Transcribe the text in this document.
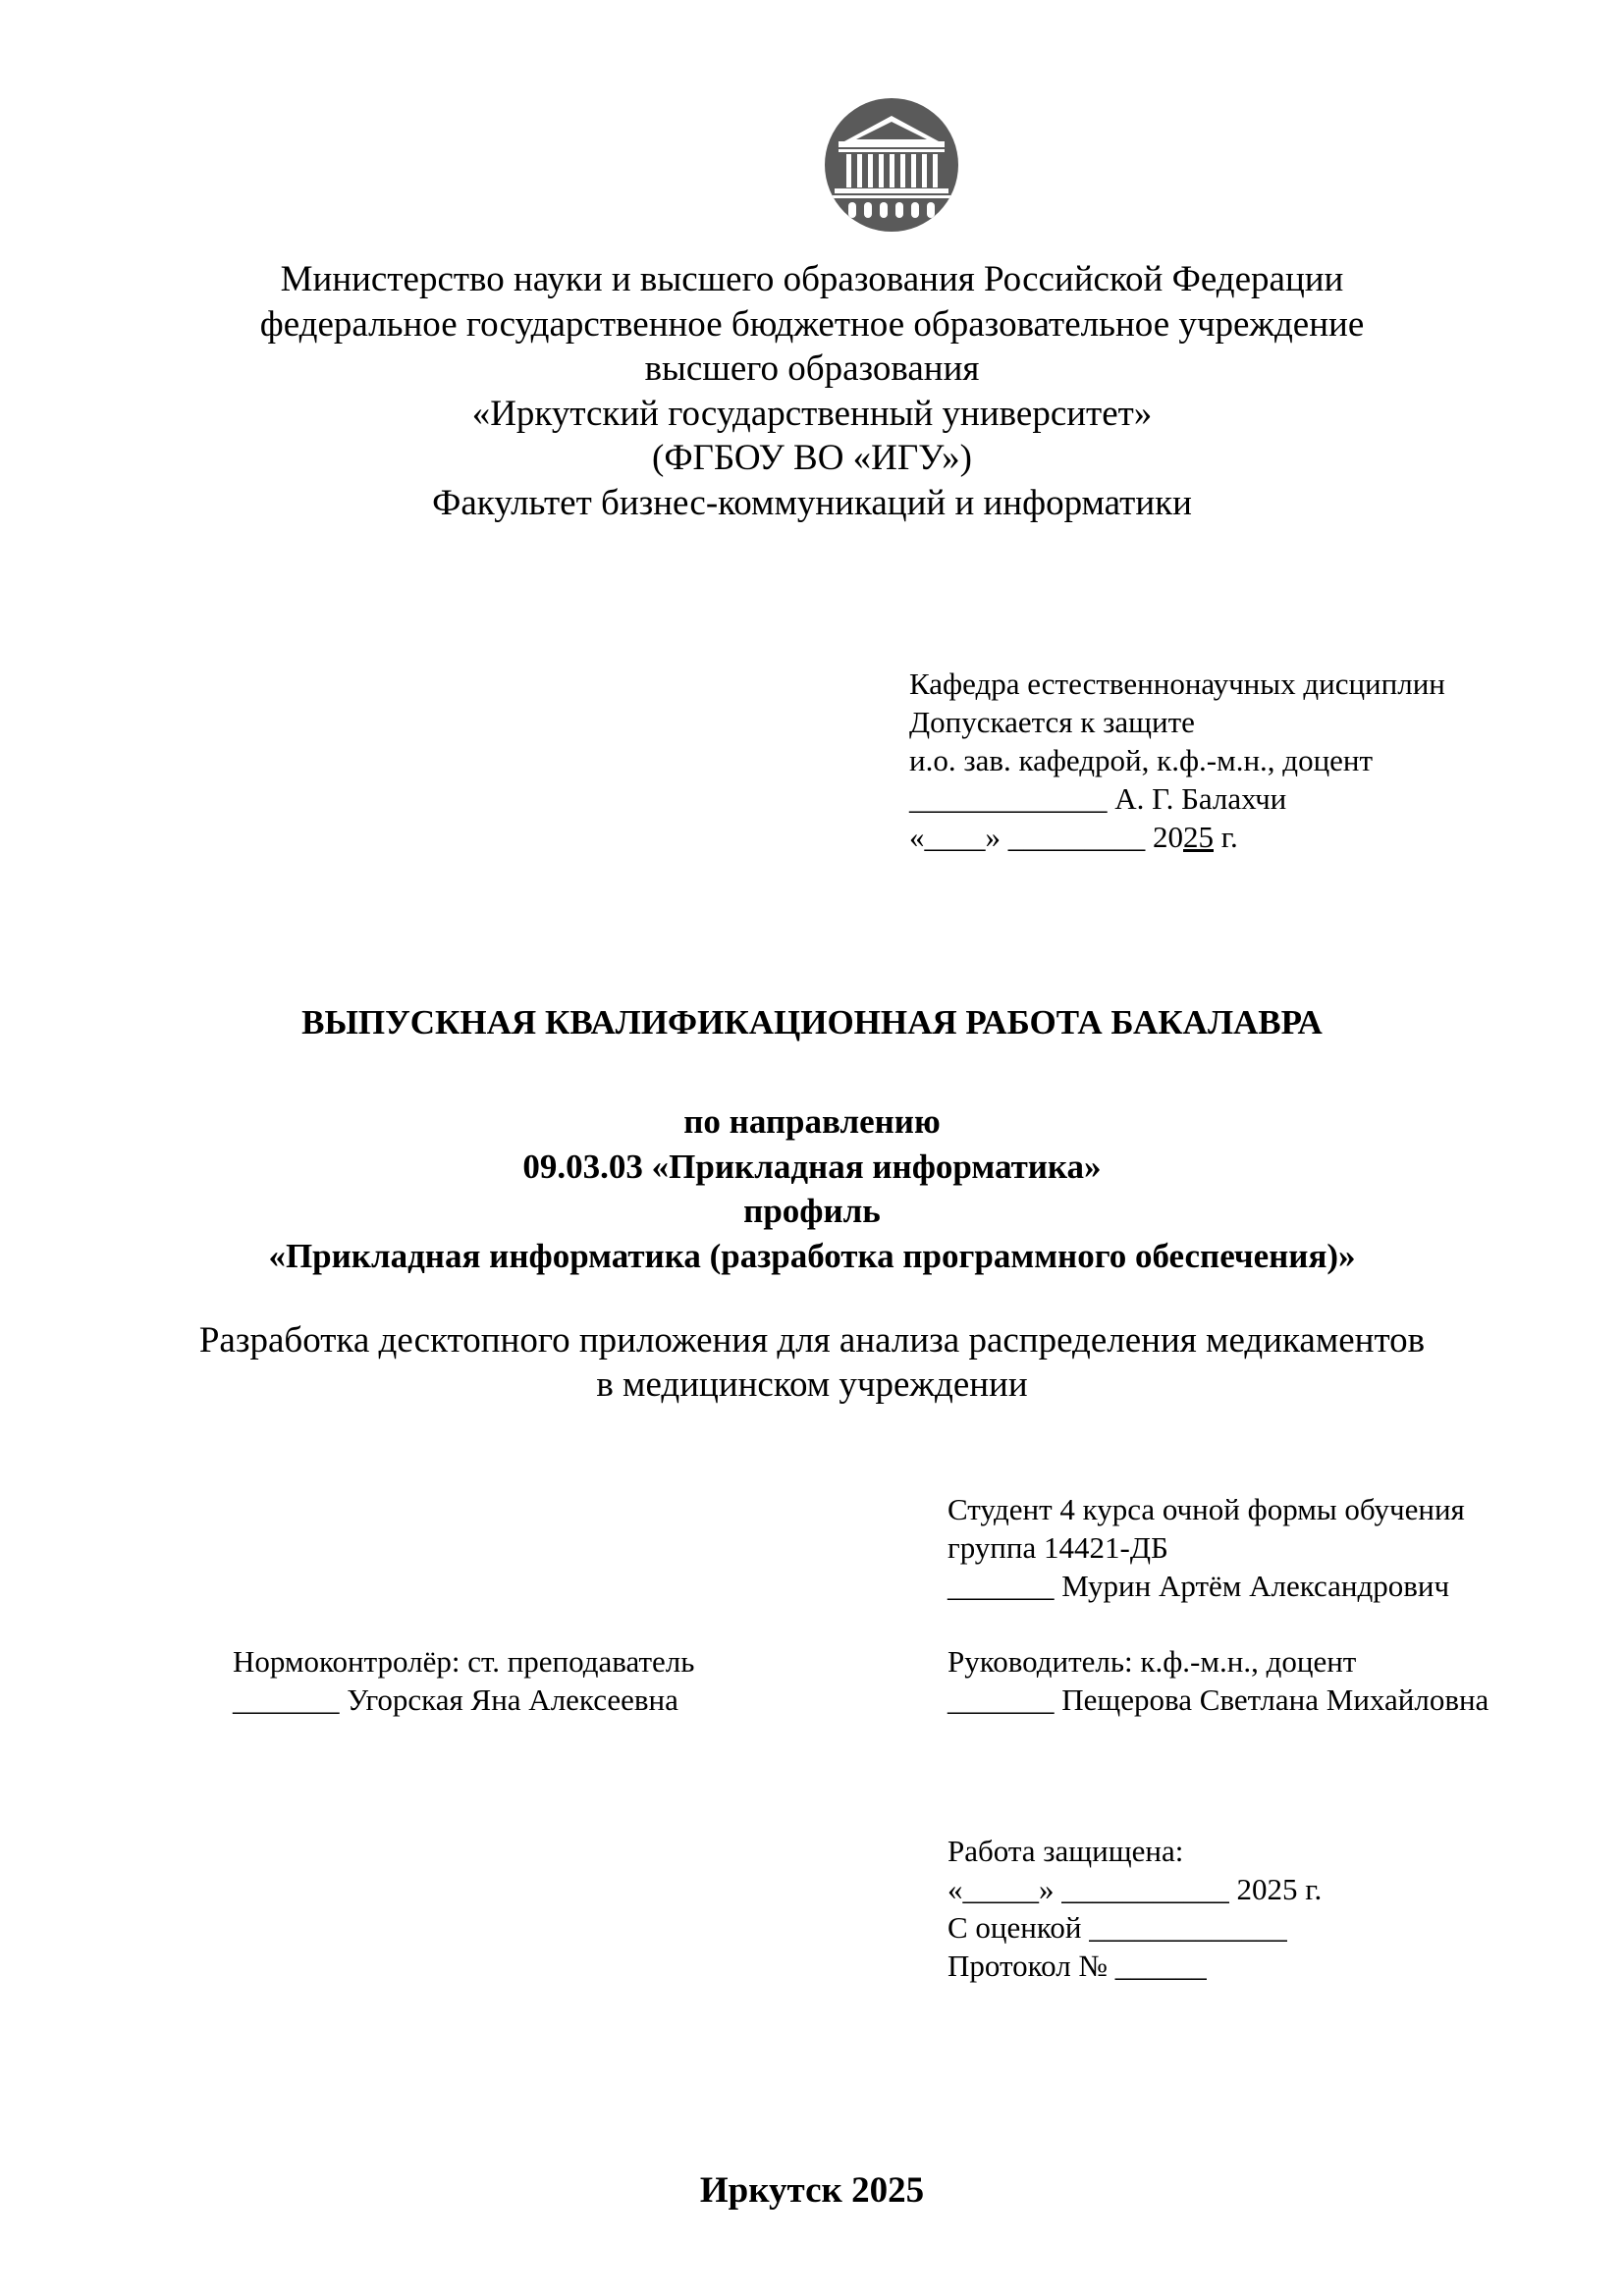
Министерство науки и высшего образования Российской Федерации
федеральное государственное бюджетное образовательное учреждение
высшего образования
«Иркутский государственный университет»
(ФГБОУ ВО «ИГУ»)
Факультет бизнес-коммуникаций и информатики
Кафедра естественнонаучных дисциплин
Допускается к защите
и.о. зав. кафедрой, к.ф.-м.н., доцент
_____________ А. Г. Балахчи
«____» _________ 2025 г.
ВЫПУСКНАЯ КВАЛИФИКАЦИОННАЯ РАБОТА БАКАЛАВРА
по направлению
09.03.03 «Прикладная информатика»
профиль
«Прикладная информатика (разработка программного обеспечения)»
Разработка десктопного приложения для анализа распределения медикаментов
в медицинском учреждении
Студент 4 курса очной формы обучения
группа 14421-ДБ
_______ Мурин Артём Александрович
Нормоконтролёр: ст. преподаватель
_______ Угорская Яна Алексеевна
Руководитель: к.ф.-м.н., доцент
_______ Пещерова Светлана Михайловна
Работа защищена:
«_____» ___________ 2025 г.
С оценкой _____________
Протокол № ______
Иркутск 2025
